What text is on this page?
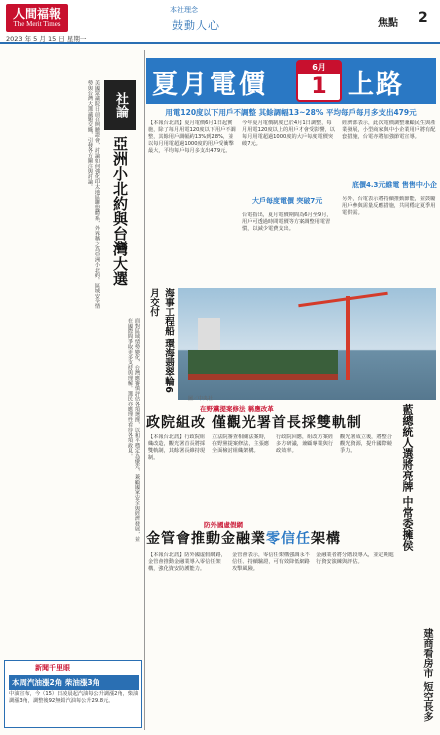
人間福報
The Merit Times
2023 年 5 月 15 日 星期一
本社理念
鼓動人心	焦點 2
社論
亞洲小北約與台灣大選
美國眾議院日前召開聽證會，討論如何強化印太地區聯盟體系，外界稱之為亞洲小北約。區域安全情勢與台灣大選議題交織，引發各方關注與討論。
面對區域情勢變化，台灣應審慎評估各項選擇，以和平穩定為優先，兼顧國家安全與經濟發展，並在國際間爭取更多支持與理解。選民亦應理性看待各項政見。
新聞千里眼
本周汽油漲2角 柴油漲3角
中油宣布，今（15）日凌晨起汽油每公升調漲2角，柴油調漲3角，調整後92無鉛汽油每公升29.8元。
夏月電價
6月
1 上路
用電120度以下用戶不調整 其餘調幅13~28% 平均每戶每月多支出479元
【本報台北訊】夏月電價6月1日起實施，除了每月用電120度以下用戶不調整，其餘用戶調幅約13%到28%，並以每月用電超過1000度的用戶受衝擊最大，平均每戶每月多支出479元。
今年夏月電價制度已於4月1日調整，每月用電120度以上的用戶才會受影響，以每月用電超過1000度的大戶每度電價突破7元。
經濟部表示，此次電價調整兼顧民生與產業發展，小型商家與中小企業用戶將有配套措施，台電亦將加強節電宣導。
大戶每度電價 突破7元
底價4.3元維電 售售中小企
台電指出，夏月電價期間為6月至9月，用戶可透過時間電價等方案調整用電習慣，以減少電費支出。
另外，台電表示將持續推動節能，並鼓勵用戶參與需量反應措施，共同穩定夏季用電供需。
海事工程船 環海翡翠輪6月交付
圖／中央社
在野黨提案修法 稱應改革
政院組改 僅觀光署首長採雙軌制
【本報台北訊】行政院組織改造，觀光署首長將採雙軌制，其餘署長維持現制。
立法院審查相關法案時，在野黨提案修法，主張應全面檢討組織架構。
行政院回應，組改方案經多方研議，兼顧專業與行政效率。
觀光署成立後，將整合觀光資源，提升國際競爭力。	藍總統人選將亮牌 中常委擁侯
建商看房市 短空長多
防外國虛假網
金管會推動金融業零信任架構
【本報台北訊】防外國虛假網路，金管會推動金融業導入零信任架構，強化資安防護能力。
金管會表示，零信任架構強調永不信任、持續驗證，可有效降低網路攻擊風險。
金融業者將分階段導入，並定期進行資安演練與評估。
